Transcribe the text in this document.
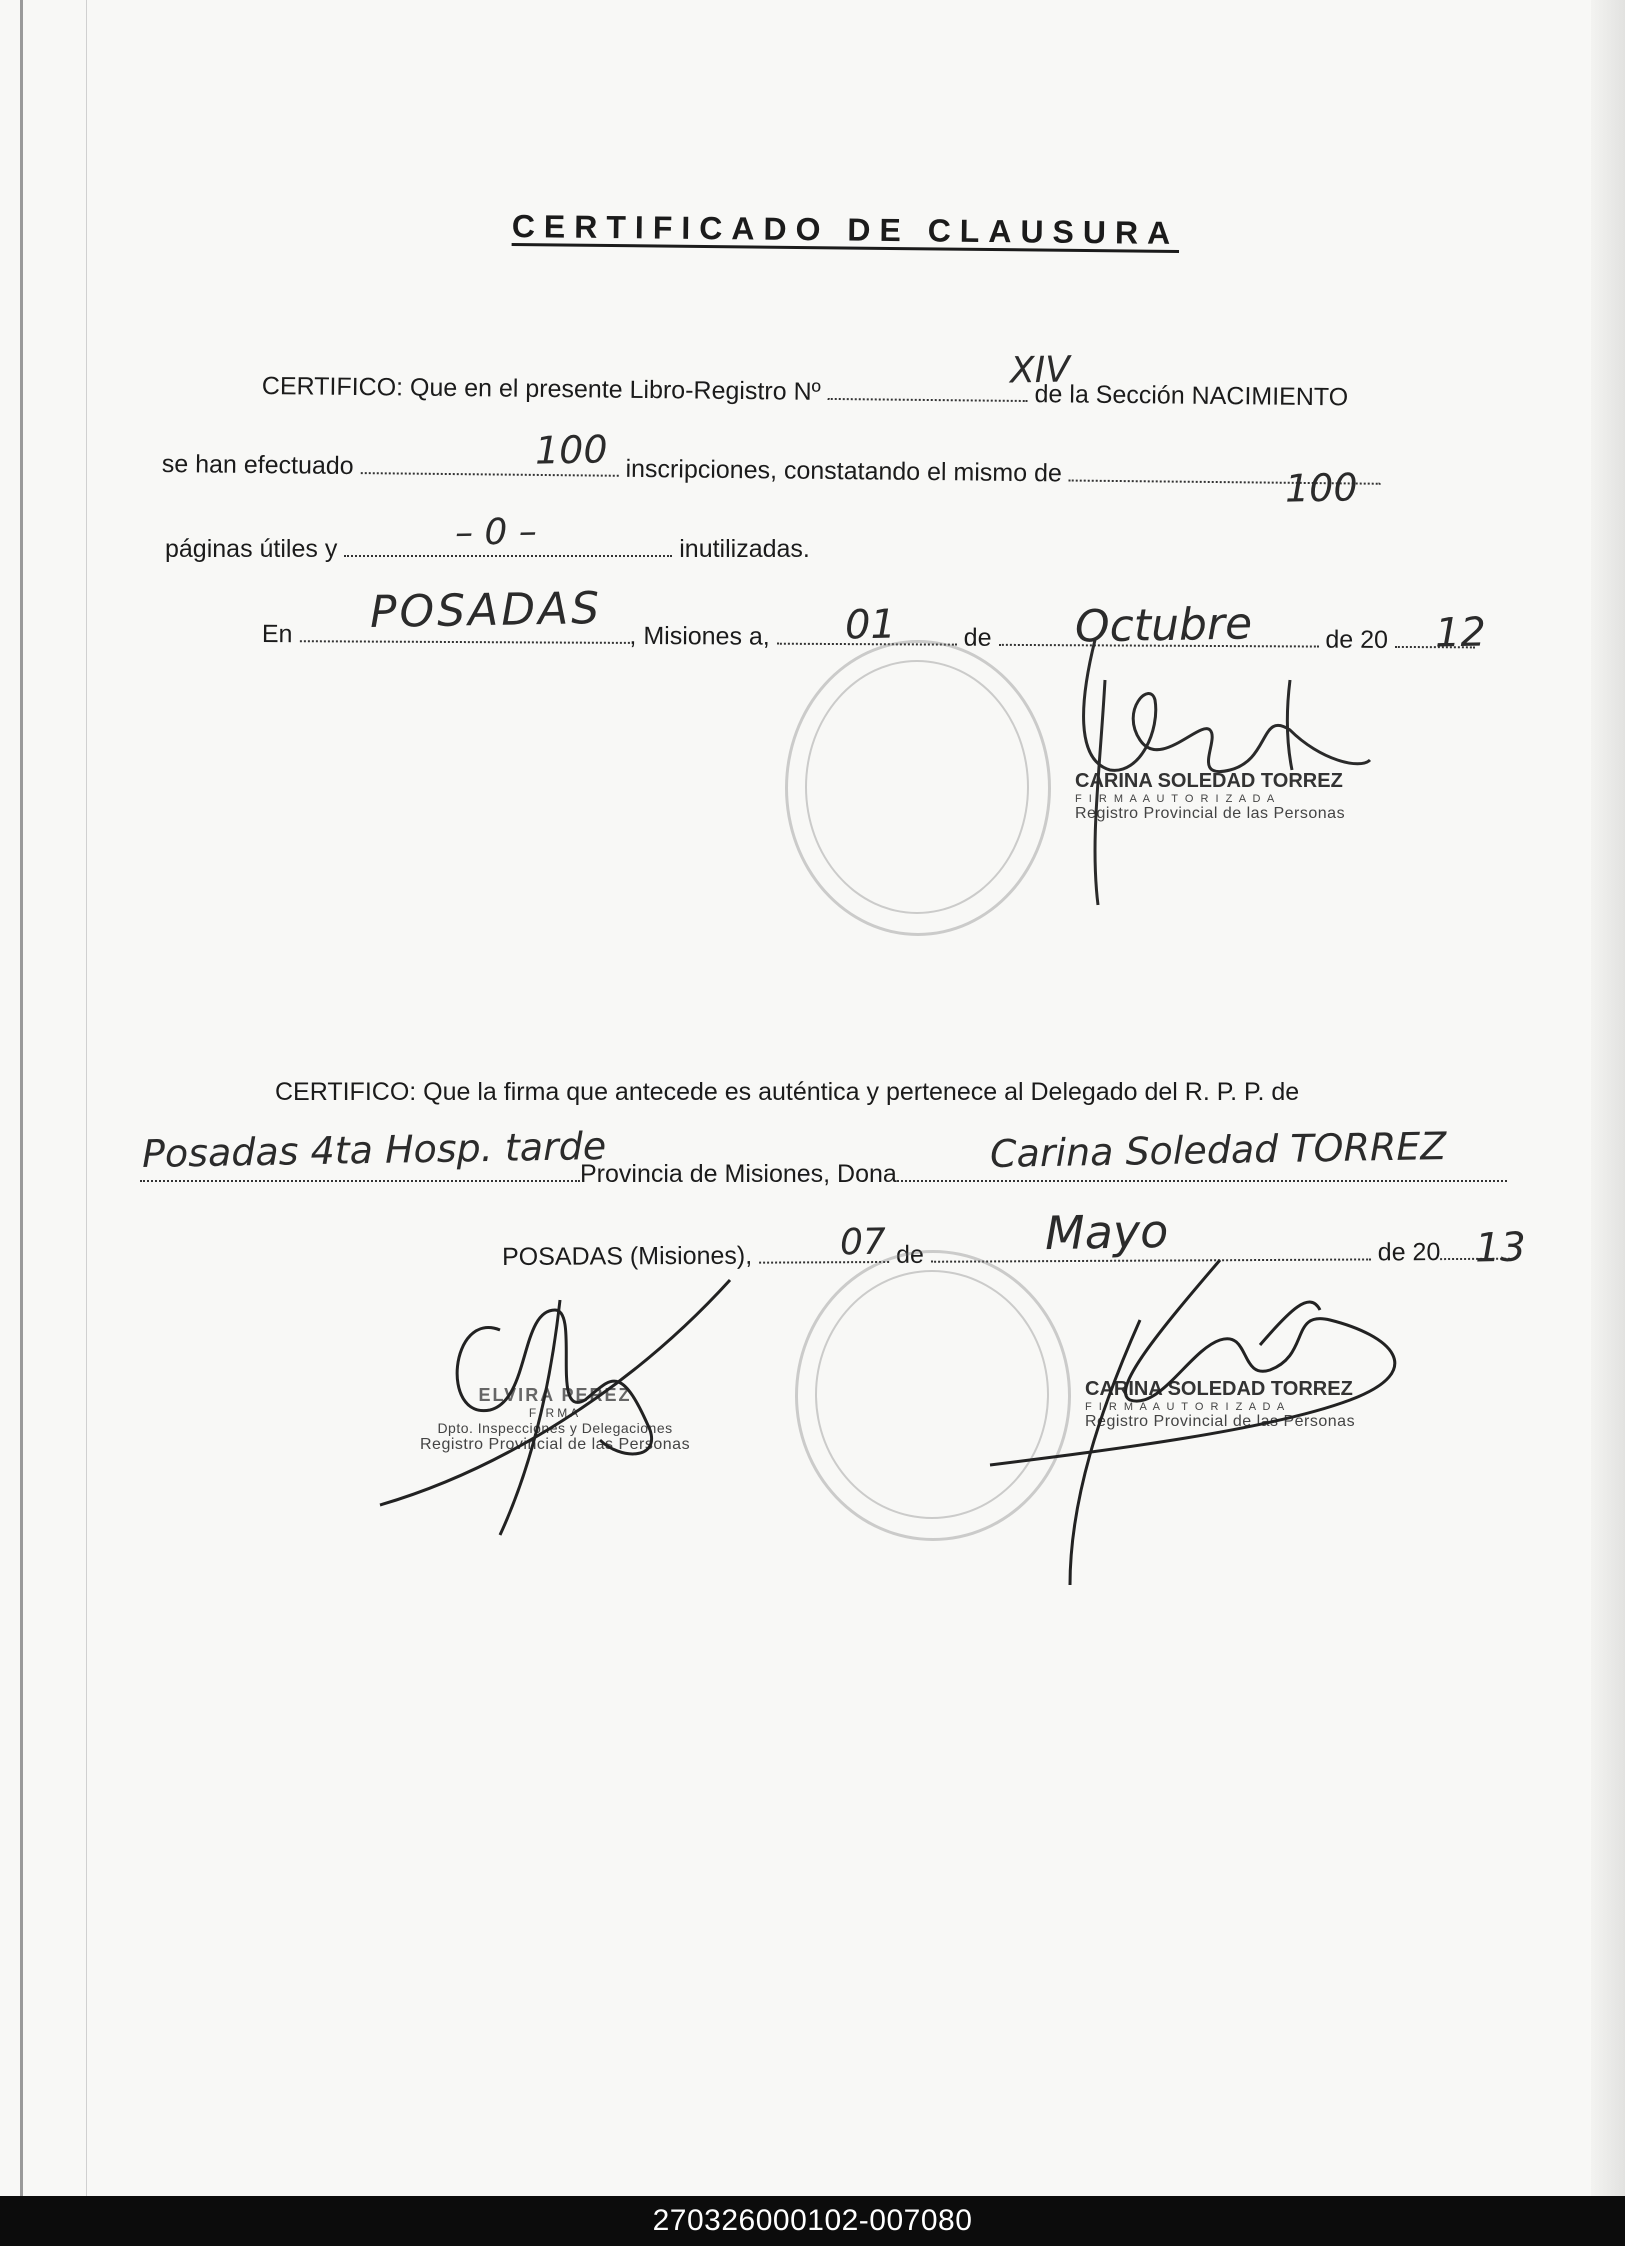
CERTIFICADO DE CLAUSURA
CERTIFICO: Que en el presente Libro-Registro Nº	de la Sección NACIMIENTO
XIV
se han efectuado	inscripciones, constatando el mismo de
100
100
páginas útiles y	inutilizadas.
– 0 –
En	, Misiones a,	de	de 20
POSADAS	01	Octubre	12
CARINA SOLEDAD TORREZ
F I R M A A U T O R I Z A D A
Registro Provincial de las Personas
CERTIFICO: Que la firma que antecede es auténtica y pertenece al Delegado del R. P. P. de
Provincia de Misiones, Dona
Posadas 4ta Hosp. tarde	Carina Soledad TORREZ
POSADAS (Misiones),	de	de 20
07	Mayo	13
ELVIRA PEREZ
FIRMA
Dpto. Inspecciones y Delegaciones
Registro Provincial de las Personas
CARINA SOLEDAD TORREZ
F I R M A A U T O R I Z A D A
Registro Provincial de las Personas
270326000102-007080
